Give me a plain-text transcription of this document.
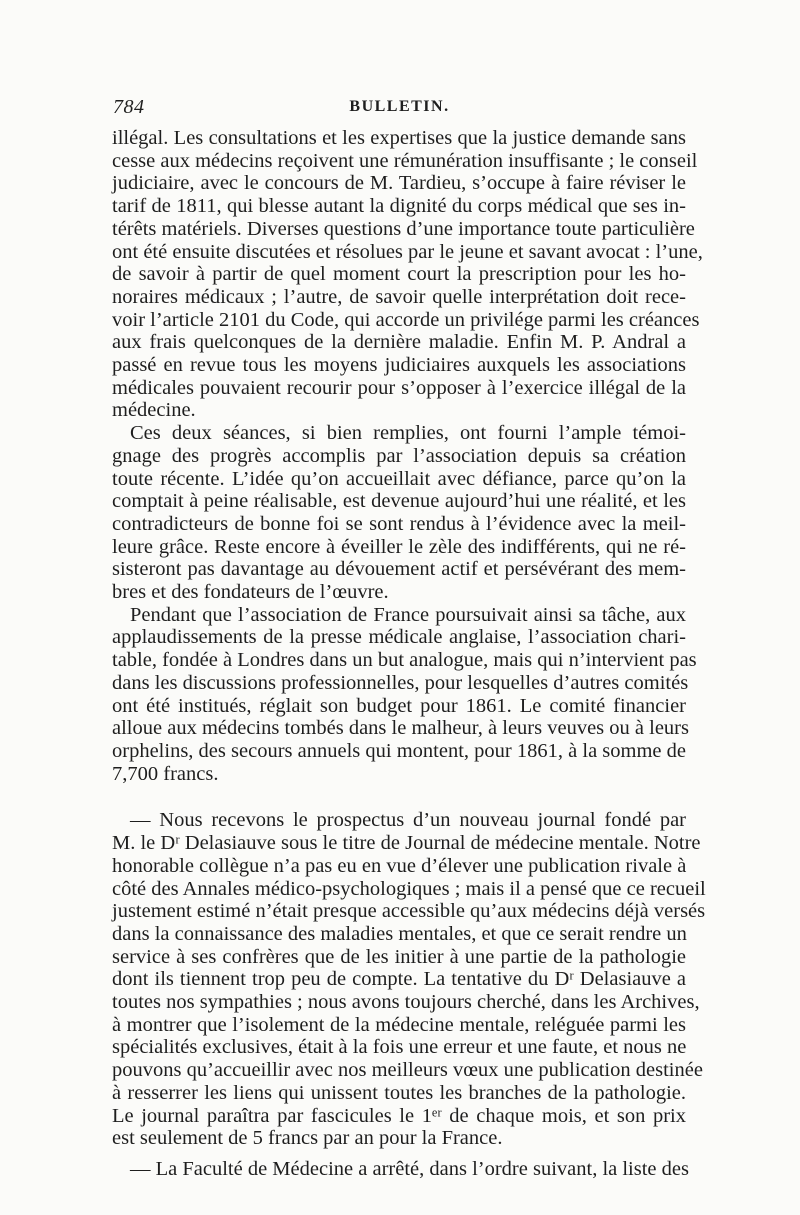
784	BULLETIN.
illégal. Les consultations et les expertises que la justice demande sans
cesse aux médecins reçoivent une rémunération insuffisante ; le conseil
judiciaire, avec le concours de M. Tardieu, s’occupe à faire réviser le
tarif de 1811, qui blesse autant la dignité du corps médical que ses in-
térêts matériels. Diverses questions d’une importance toute particulière
ont été ensuite discutées et résolues par le jeune et savant avocat : l’une,
de savoir à partir de quel moment court la prescription pour les ho-
noraires médicaux ; l’autre, de savoir quelle interprétation doit rece-
voir l’article 2101 du Code, qui accorde un privilége parmi les créances
aux frais quelconques de la dernière maladie. Enfin M. P. Andral a
passé en revue tous les moyens judiciaires auxquels les associations
médicales pouvaient recourir pour s’opposer à l’exercice illégal de la
médecine.
Ces deux séances, si bien remplies, ont fourni l’ample témoi-
gnage des progrès accomplis par l’association depuis sa création
toute récente. L’idée qu’on accueillait avec défiance, parce qu’on la
comptait à peine réalisable, est devenue aujourd’hui une réalité, et les
contradicteurs de bonne foi se sont rendus à l’évidence avec la meil-
leure grâce. Reste encore à éveiller le zèle des indifférents, qui ne ré-
sisteront pas davantage au dévouement actif et persévérant des mem-
bres et des fondateurs de l’œuvre.
Pendant que l’association de France poursuivait ainsi sa tâche, aux
applaudissements de la presse médicale anglaise, l’association chari-
table, fondée à Londres dans un but analogue, mais qui n’intervient pas
dans les discussions professionnelles, pour lesquelles d’autres comités
ont été institués, réglait son budget pour 1861. Le comité financier
alloue aux médecins tombés dans le malheur, à leurs veuves ou à leurs
orphelins, des secours annuels qui montent, pour 1861, à la somme de
7,700 francs.
— Nous recevons le prospectus d’un nouveau journal fondé par
M. le Dʳ Delasiauve sous le titre de Journal de médecine mentale. Notre
honorable collègue n’a pas eu en vue d’élever une publication rivale à
côté des Annales médico-psychologiques ; mais il a pensé que ce recueil
justement estimé n’était presque accessible qu’aux médecins déjà versés
dans la connaissance des maladies mentales, et que ce serait rendre un
service à ses confrères que de les initier à une partie de la pathologie
dont ils tiennent trop peu de compte. La tentative du Dʳ Delasiauve a
toutes nos sympathies ; nous avons toujours cherché, dans les Archives,
à montrer que l’isolement de la médecine mentale, reléguée parmi les
spécialités exclusives, était à la fois une erreur et une faute, et nous ne
pouvons qu’accueillir avec nos meilleurs vœux une publication destinée
à resserrer les liens qui unissent toutes les branches de la pathologie.
Le journal paraîtra par fascicules le 1ᵉʳ de chaque mois, et son prix
est seulement de 5 francs par an pour la France.
— La Faculté de Médecine a arrêté, dans l’ordre suivant, la liste des
